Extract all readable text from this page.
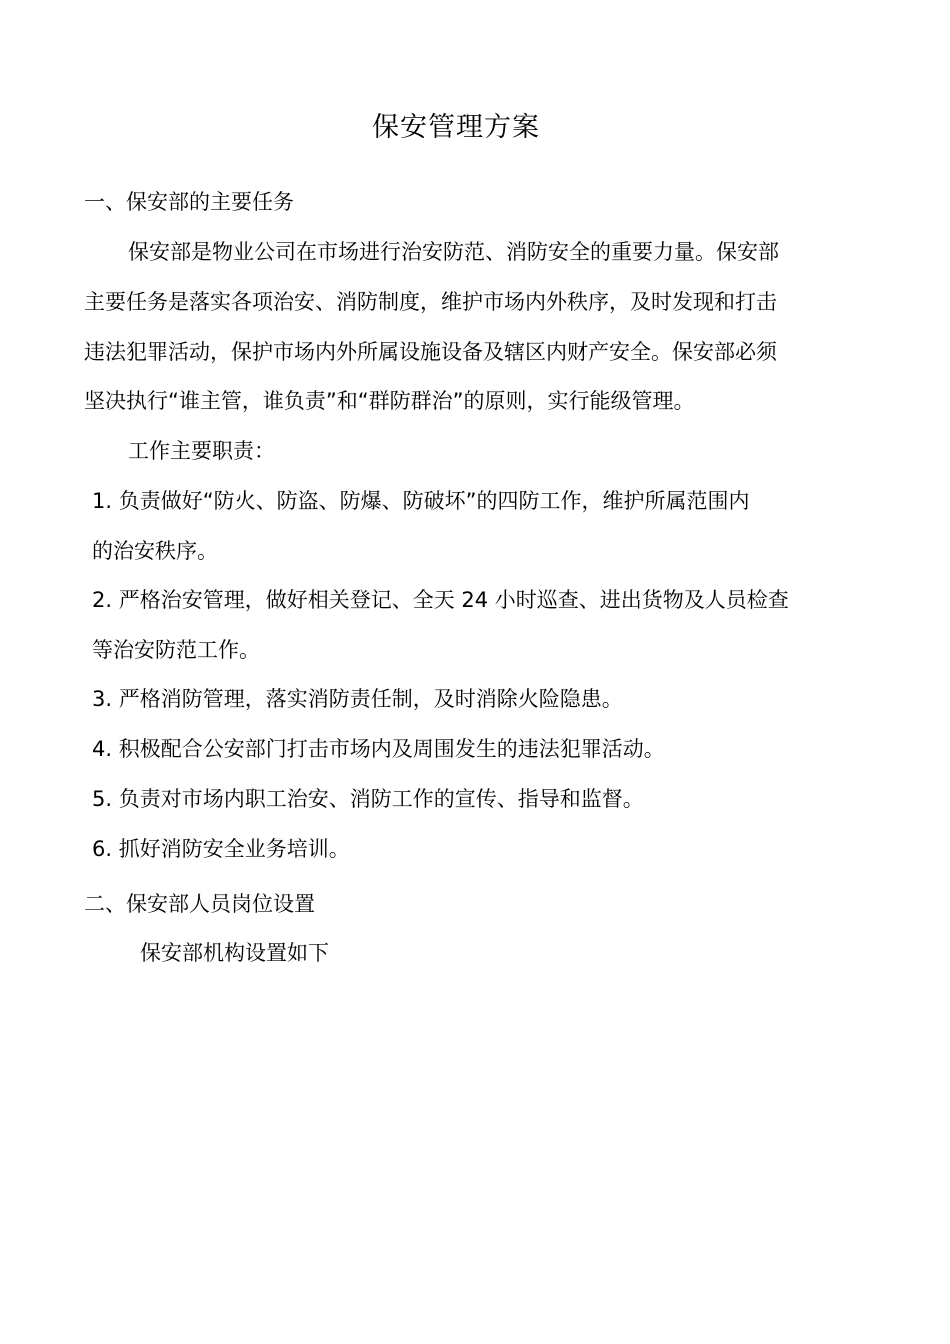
保安管理方案
一、保安部的主要任务
保安部是物业公司在市场进行治安防范、消防安全的重要力量。保安部
主要任务是落实各项治安、消防制度，维护市场内外秩序，及时发现和打击
违法犯罪活动，保护市场内外所属设施设备及辖区内财产安全。保安部必须
坚决执行“谁主管，谁负责”和“群防群治”的原则，实行能级管理。
工作主要职责：
1. 负责做好“防火、防盗、防爆、防破坏”的四防工作，维护所属范围内
的治安秩序。
2. 严格治安管理，做好相关登记、全天 24 小时巡查、进出货物及人员检查
等治安防范工作。
3. 严格消防管理，落实消防责任制，及时消除火险隐患。
4. 积极配合公安部门打击市场内及周围发生的违法犯罪活动。
5. 负责对市场内职工治安、消防工作的宣传、指导和监督。
6. 抓好消防安全业务培训。
二、保安部人员岗位设置
保安部机构设置如下
